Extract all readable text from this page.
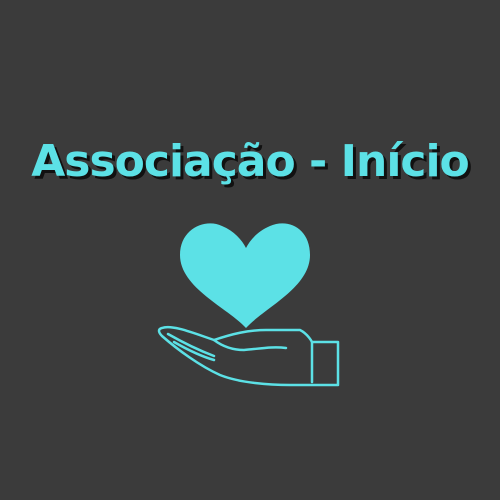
Associação - Início
